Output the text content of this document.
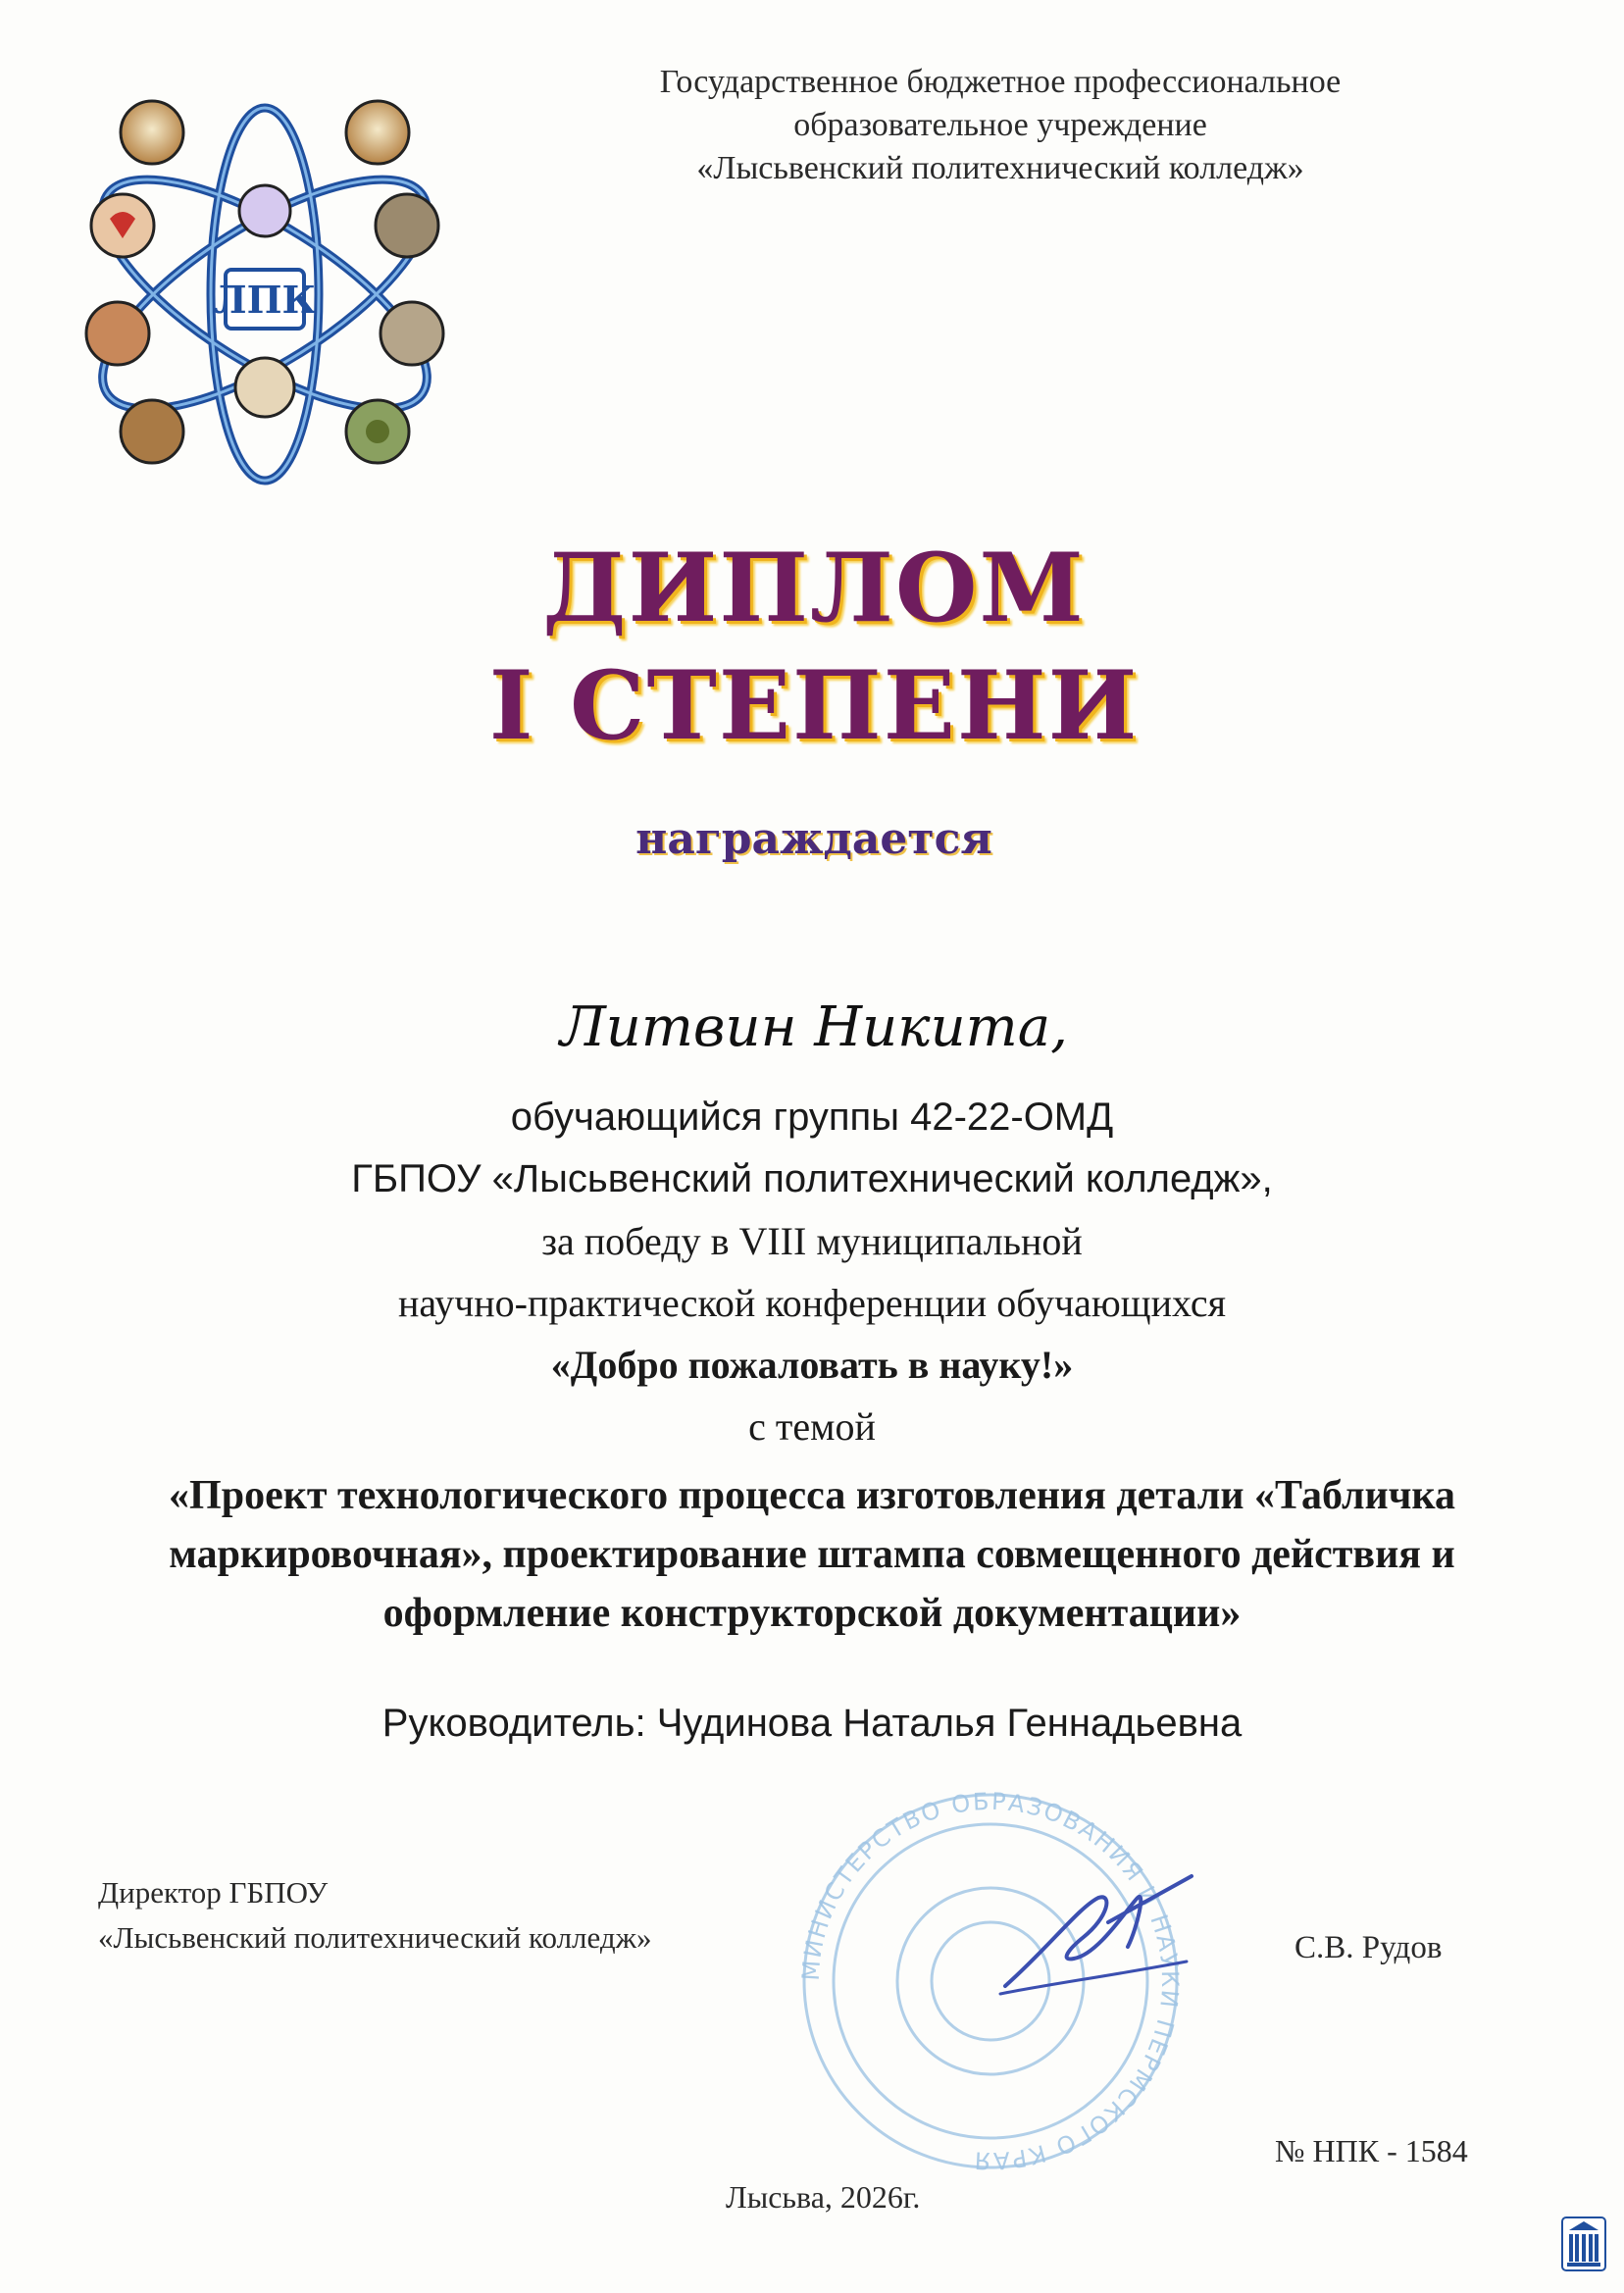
ЛПК
Государственное бюджетное профессиональное
образовательное учреждение
«Лысьвенский политехнический колледж»
ДИПЛОМ
I СТЕПЕНИ
награждается
Литвин Никита,
обучающийся группы 42-22-ОМД
ГБПОУ «Лысьвенский политехнический колледж»,
за победу в VIII муниципальной
научно-практической конференции обучающихся
«Добро пожаловать в науку!»
с темой
«Проект технологического процесса изготовления детали «Табличка
маркировочная», проектирование штампа совмещенного действия и
оформление конструкторской документации»
Руководитель: Чудинова Наталья Геннадьевна
МИНИСТЕРСТВО ОБРАЗОВАНИЯ И НАУКИ ПЕРМСКОГО КРАЯ
Директор ГБПОУ
«Лысьвенский политехнический колледж»	С.В. Рудов
№ НПК - 1584
Лысьва, 2026г.
